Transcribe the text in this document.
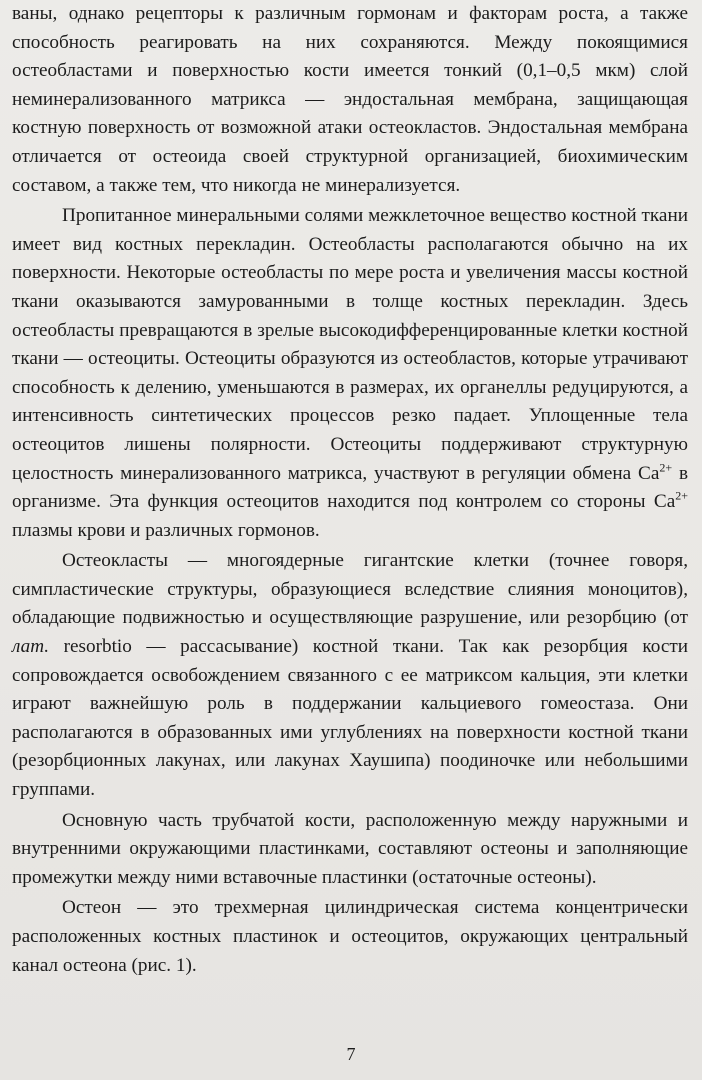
ваны, однако рецепторы к различным гормонам и факторам роста, а также способность реагировать на них сохраняются. Между покоящимися остеобластами и поверхностью кости имеется тонкий (0,1–0,5 мкм) слой неминерализованного матрикса — эндостальная мембрана, защищающая костную поверхность от возможной атаки остеокластов. Эндостальная мембрана отличается от остеоида своей структурной организацией, биохимическим составом, а также тем, что никогда не минерализуется.

Пропитанное минеральными солями межклеточное вещество костной ткани имеет вид костных перекладин. Остеобласты располагаются обычно на их поверхности. Некоторые остеобласты по мере роста и увеличения массы костной ткани оказываются замурованными в толще костных перекладин. Здесь остеобласты превращаются в зрелые высокодифференцированные клетки костной ткани — остеоциты. Остеоциты образуются из остеобластов, которые утрачивают способность к делению, уменьшаются в размерах, их органеллы редуцируются, а интенсивность синтетических процессов резко падает. Уплощенные тела остеоцитов лишены полярности. Остеоциты поддерживают структурную целостность минерализованного матрикса, участвуют в регуляции обмена $Ca^{2+}$ в организме. Эта функция остеоцитов находится под контролем со стороны $Ca^{2+}$ плазмы крови и различных гормонов.

Остеокласты — многоядерные гигантские клетки (точнее говоря, симпластические структуры, образующиеся вследствие слияния моноцитов), обладающие подвижностью и осуществляющие разрушение, или резорбцию (от лат. resorbtio — рассасывание) костной ткани. Так как резорбция кости сопровождается освобождением связанного с ее матриксом кальция, эти клетки играют важнейшую роль в поддержании кальциевого гомеостаза. Они располагаются в образованных ими углублениях на поверхности костной ткани (резорбционных лакунах, или лакунах Хаушипа) поодиночке или небольшими группами.

Основную часть трубчатой кости, расположенную между наружными и внутренними окружающими пластинками, составляют остеоны и заполняющие промежутки между ними вставочные пластинки (остаточные остеоны).

Остеон — это трехмерная цилиндрическая система концентрически расположенных костных пластинок и остеоцитов, окружающих центральный канал остеона (рис. 1).

7
